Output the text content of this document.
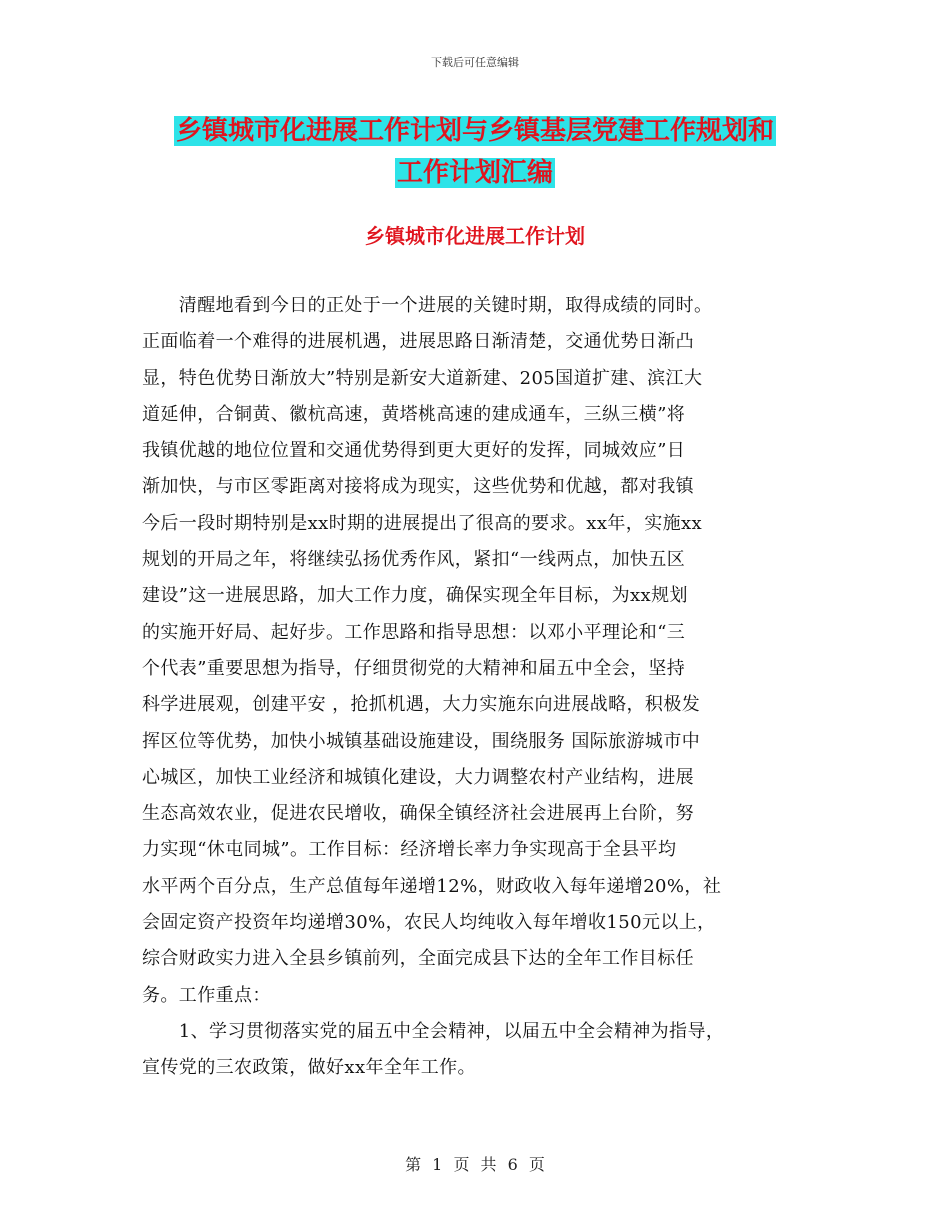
下载后可任意编辑
乡镇城市化进展工作计划与乡镇基层党建工作规划和
工作计划汇编
乡镇城市化进展工作计划
　　清醒地看到今日的正处于一个进展的关键时期，取得成绩的同时。
正面临着一个难得的进展机遇，进展思路日渐清楚，交通优势日渐凸
显，特色优势日渐放大”特别是新安大道新建、205国道扩建、滨江大
道延伸，合铜黄、徽杭高速，黄塔桃高速的建成通车，三纵三横”将
我镇优越的地位位置和交通优势得到更大更好的发挥，同城效应”日
渐加快，与市区零距离对接将成为现实，这些优势和优越，都对我镇
今后一段时期特别是xx时期的进展提出了很高的要求。xx年，实施xx
规划的开局之年，将继续弘扬优秀作风，紧扣“一线两点，加快五区
建设”这一进展思路，加大工作力度，确保实现全年目标，为xx规划
的实施开好局、起好步。工作思路和指导思想：以邓小平理论和“三
个代表”重要思想为指导，仔细贯彻党的大精神和届五中全会，坚持
科学进展观，创建平安 ，抢抓机遇，大力实施东向进展战略，积极发
挥区位等优势，加快小城镇基础设施建设，围绕服务 国际旅游城市中
心城区，加快工业经济和城镇化建设，大力调整农村产业结构，进展
生态高效农业，促进农民增收，确保全镇经济社会进展再上台阶，努
力实现“休屯同城”。工作目标：经济增长率力争实现高于全县平均
水平两个百分点，生产总值每年递增12%，财政收入每年递增20%，社
会固定资产投资年均递增30%，农民人均纯收入每年增收150元以上，
综合财政实力进入全县乡镇前列，全面完成县下达的全年工作目标任
务。工作重点：
　　1、学习贯彻落实党的届五中全会精神，以届五中全会精神为指导，
宣传党的三农政策，做好xx年全年工作。
第 1 页 共 6 页
